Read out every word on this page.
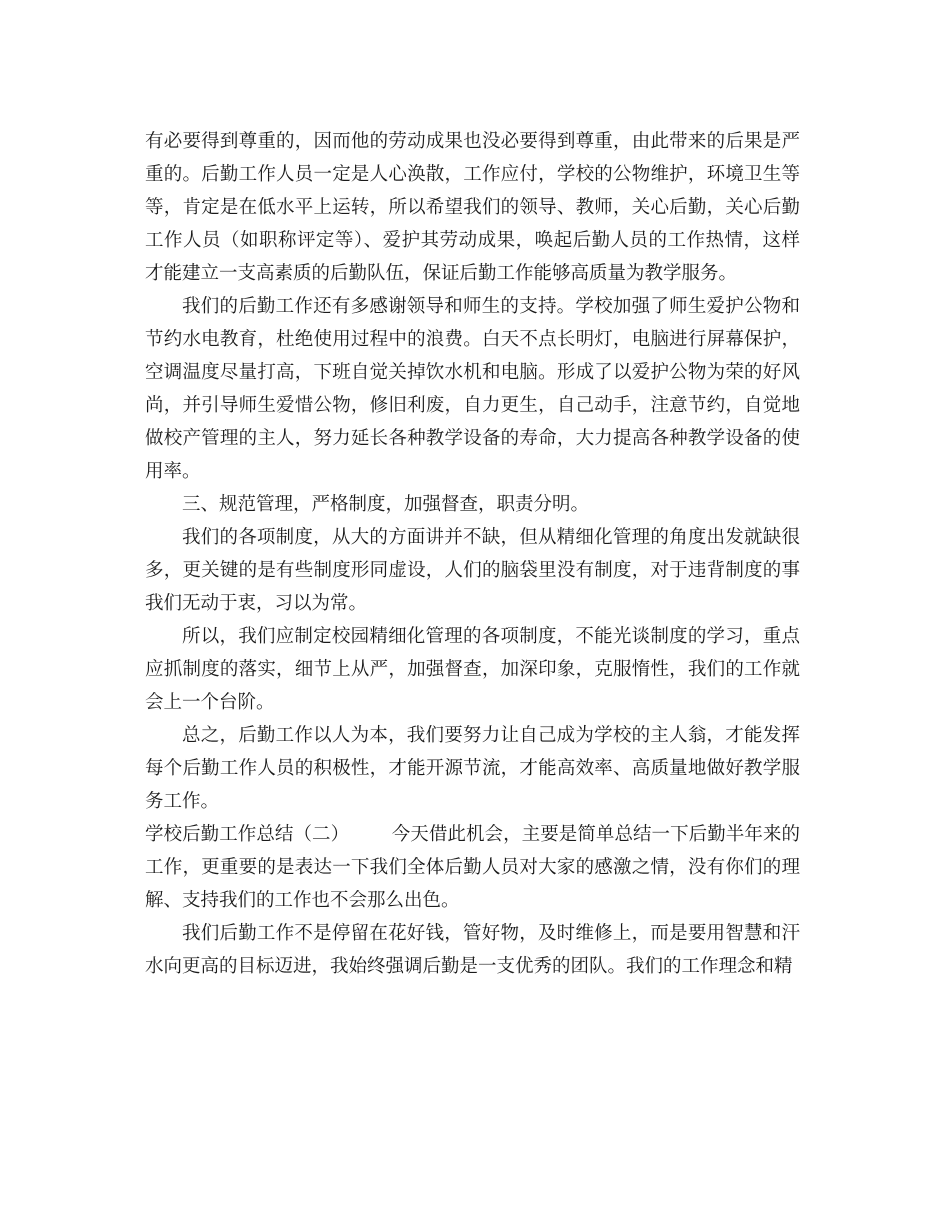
有必要得到尊重的，因而他的劳动成果也没必要得到尊重，由此带来的后果是严重的。后勤工作人员一定是人心涣散，工作应付，学校的公物维护，环境卫生等等，肯定是在低水平上运转，所以希望我们的领导、教师，关心后勤，关心后勤工作人员（如职称评定等）、爱护其劳动成果，唤起后勤人员的工作热情，这样才能建立一支高素质的后勤队伍，保证后勤工作能够高质量为教学服务。

我们的后勤工作还有多感谢领导和师生的支持。学校加强了师生爱护公物和节约水电教育，杜绝使用过程中的浪费。白天不点长明灯，电脑进行屏幕保护，空调温度尽量打高，下班自觉关掉饮水机和电脑。形成了以爱护公物为荣的好风尚，并引导师生爱惜公物，修旧利废，自力更生，自己动手，注意节约，自觉地做校产管理的主人，努力延长各种教学设备的寿命，大力提高各种教学设备的使用率。

三、规范管理，严格制度，加强督查，职责分明。

我们的各项制度，从大的方面讲并不缺，但从精细化管理的角度出发就缺很多，更关键的是有些制度形同虚设，人们的脑袋里没有制度，对于违背制度的事我们无动于衷，习以为常。

所以，我们应制定校园精细化管理的各项制度，不能光谈制度的学习，重点应抓制度的落实，细节上从严，加强督查，加深印象，克服惰性，我们的工作就会上一个台阶。

总之，后勤工作以人为本，我们要努力让自己成为学校的主人翁，才能发挥每个后勤工作人员的积极性，才能开源节流，才能高效率、高质量地做好教学服务工作。

学校后勤工作总结（二） 今天借此机会，主要是简单总结一下后勤半年来的工作，更重要的是表达一下我们全体后勤人员对大家的感激之情，没有你们的理解、支持我们的工作也不会那么出色。

我们后勤工作不是停留在花好钱，管好物，及时维修上，而是要用智慧和汗水向更高的目标迈进，我始终强调后勤是一支优秀的团队。我们的工作理念和精
